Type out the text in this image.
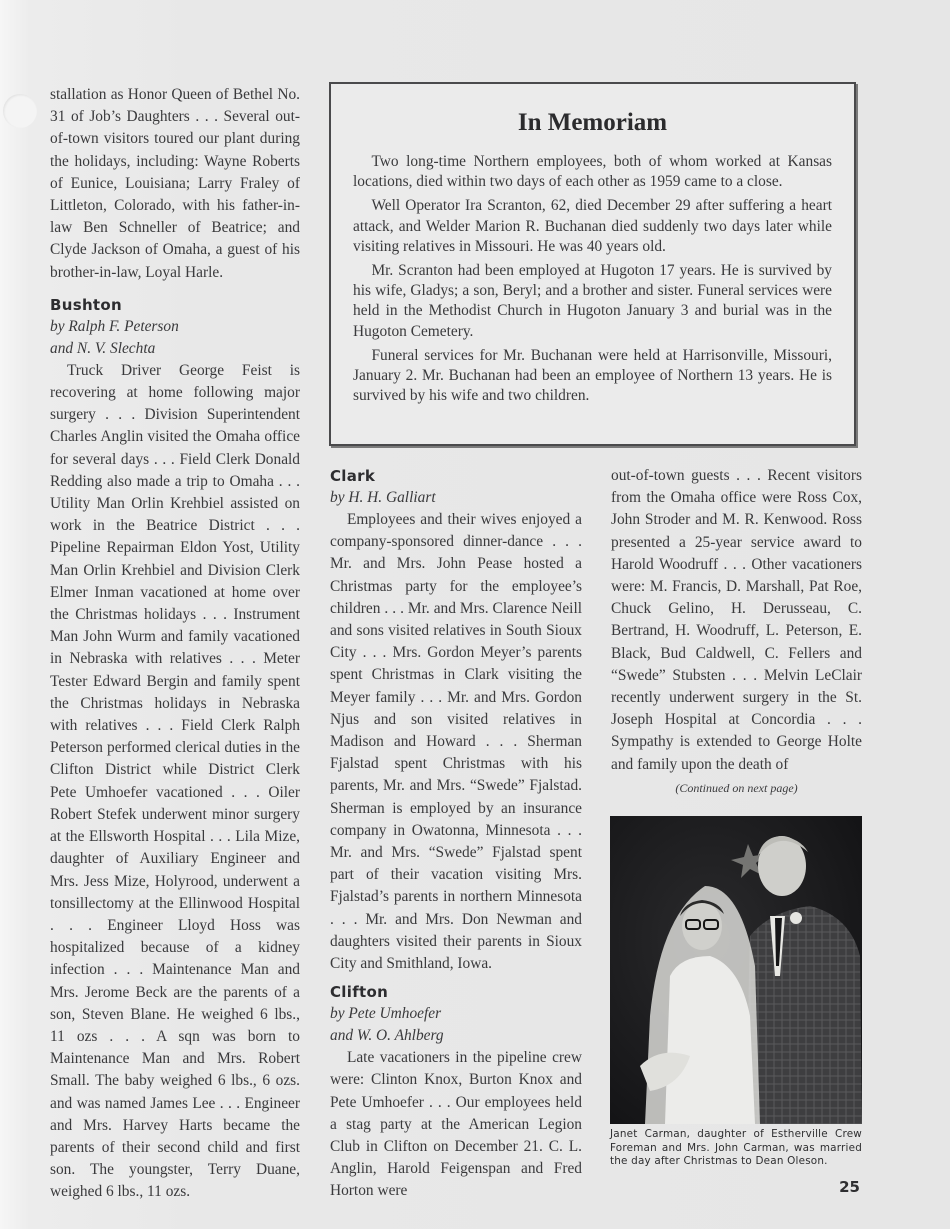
stallation as Honor Queen of Bethel No. 31 of Job’s Daughters . . . Several out-of-town visitors toured our plant during the holidays, including: Wayne Roberts of Eunice, Louisiana; Larry Fraley of Littleton, Colorado, with his father-in-law Ben Schneller of Beatrice; and Clyde Jackson of Omaha, a guest of his brother-in-law, Loyal Harle.

Bushton

by Ralph F. Peterson

and N. V. Slechta

Truck Driver George Feist is recovering at home following major surgery . . . Division Superintendent Charles Anglin visited the Omaha office for several days . . . Field Clerk Donald Redding also made a trip to Omaha . . . Utility Man Orlin Krehbiel assisted on work in the Beatrice District . . . Pipeline Repairman Eldon Yost, Utility Man Orlin Krehbiel and Division Clerk Elmer Inman vacationed at home over the Christmas holidays . . . Instrument Man John Wurm and family vacationed in Nebraska with relatives . . . Meter Tester Edward Bergin and family spent the Christmas holidays in Nebraska with relatives . . . Field Clerk Ralph Peterson performed clerical duties in the Clifton District while District Clerk Pete Umhoefer vacationed . . . Oiler Robert Stefek underwent minor surgery at the Ellsworth Hospital . . . Lila Mize, daughter of Auxiliary Engineer and Mrs. Jess Mize, Holyrood, underwent a tonsillectomy at the Ellinwood Hospital . . . Engineer Lloyd Hoss was hospitalized because of a kidney infection . . . Maintenance Man and Mrs. Jerome Beck are the parents of a son, Steven Blane. He weighed 6 lbs., 11 ozs . . . A sqn was born to Maintenance Man and Mrs. Robert Small. The baby weighed 6 lbs., 6 ozs. and was named James Lee . . . Engineer and Mrs. Harvey Harts became the parents of their second child and first son. The youngster, Terry Duane, weighed 6 lbs., 11 ozs.

In Memoriam

Two long-time Northern employees, both of whom worked at Kansas locations, died within two days of each other as 1959 came to a close.

Well Operator Ira Scranton, 62, died December 29 after suffering a heart attack, and Welder Marion R. Buchanan died suddenly two days later while visiting relatives in Missouri. He was 40 years old.

Mr. Scranton had been employed at Hugoton 17 years. He is survived by his wife, Gladys; a son, Beryl; and a brother and sister. Funeral services were held in the Methodist Church in Hugoton January 3 and burial was in the Hugoton Cemetery.

Funeral services for Mr. Buchanan were held at Harrisonville, Missouri, January 2. Mr. Buchanan had been an employee of Northern 13 years. He is survived by his wife and two children.

Clark

by H. H. Galliart

Employees and their wives enjoyed a company-sponsored dinner-dance . . . Mr. and Mrs. John Pease hosted a Christmas party for the employee’s children . . . Mr. and Mrs. Clarence Neill and sons visited relatives in South Sioux City . . . Mrs. Gordon Meyer’s parents spent Christmas in Clark visiting the Meyer family . . . Mr. and Mrs. Gordon Njus and son visited relatives in Madison and Howard . . . Sherman Fjalstad spent Christmas with his parents, Mr. and Mrs. “Swede” Fjalstad. Sherman is employed by an insurance company in Owatonna, Minnesota . . . Mr. and Mrs. “Swede” Fjalstad spent part of their vacation visiting Mrs. Fjalstad’s parents in northern Minnesota . . . Mr. and Mrs. Don Newman and daughters visited their parents in Sioux City and Smithland, Iowa.

Clifton

by Pete Umhoefer

and W. O. Ahlberg

Late vacationers in the pipeline crew were: Clinton Knox, Burton Knox and Pete Umhoefer . . . Our employees held a stag party at the American Legion Club in Clifton on December 21. C. L. Anglin, Harold Feigenspan and Fred Horton were

out-of-town guests . . . Recent visitors from the Omaha office were Ross Cox, John Stroder and M. R. Kenwood. Ross presented a 25-year service award to Harold Woodruff . . . Other vacationers were: M. Francis, D. Marshall, Pat Roe, Chuck Gelino, H. Derusseau, C. Bertrand, H. Woodruff, L. Peterson, E. Black, Bud Caldwell, C. Fellers and “Swede” Stubsten . . . Melvin LeClair recently underwent surgery in the St. Joseph Hospital at Concordia . . . Sympathy is extended to George Holte and family upon the death of

(Continued on next page)
Janet Carman, daughter of Estherville Crew Foreman and Mrs. John Carman, was married the day after Christmas to Dean Oleson.
25
